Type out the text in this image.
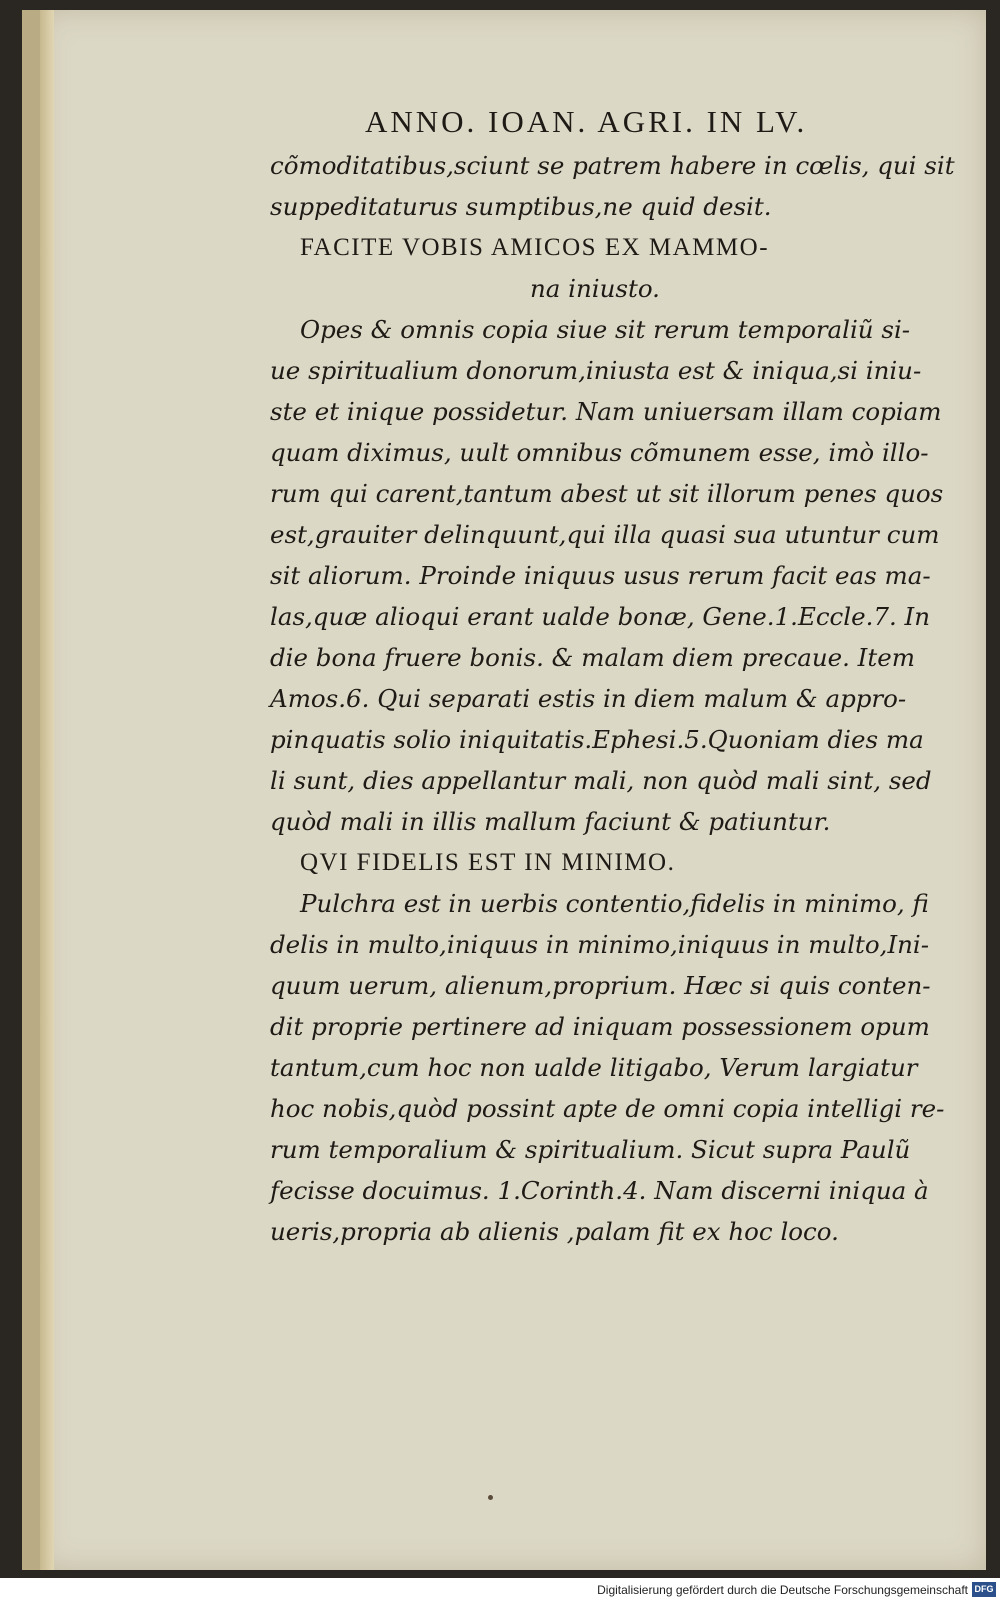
ANNO. IOAN. AGRI. IN LV.
cõmoditatibus,sciunt se patrem habere in cœlis, qui sit
suppeditaturus sumptibus,ne quid desit.
FACITE VOBIS AMICOS EX MAMMO-
na iniusto.
Opes & omnis copia siue sit rerum temporaliũ si-
ue spiritualium donorum,iniusta est & iniqua,si iniu-
ste et inique possidetur. Nam uniuersam illam copiam
quam diximus, uult omnibus cõmunem esse, imò illo-
rum qui carent,tantum abest ut sit illorum penes quos
est,grauiter delinquunt,qui illa quasi sua utuntur cum
sit aliorum. Proinde iniquus usus rerum facit eas ma-
las,quæ alioqui erant ualde bonæ, Gene.1.Eccle.7. In
die bona fruere bonis. & malam diem precaue. Item
Amos.6. Qui separati estis in diem malum & appro-
pinquatis solio iniquitatis.Ephesi.5.Quoniam dies ma
li sunt, dies appellantur mali, non quòd mali sint, sed
quòd mali in illis mallum faciunt & patiuntur.
QVI FIDELIS EST IN MINIMO.
Pulchra est in uerbis contentio,fidelis in minimo, fi
delis in multo,iniquus in minimo,iniquus in multo,Ini-
quum uerum, alienum,proprium. Hæc si quis conten-
dit proprie pertinere ad iniquam possessionem opum
tantum,cum hoc non ualde litigabo, Verum largiatur
hoc nobis,quòd possint apte de omni copia intelligi re-
rum temporalium & spiritualium. Sicut supra Paulũ
fecisse docuimus. 1.Corinth.4. Nam discerni iniqua à
ueris,propria ab alienis ,palam fit ex hoc loco.
Digitalisierung gefördert durch die Deutsche Forschungsgemeinschaft DFG
